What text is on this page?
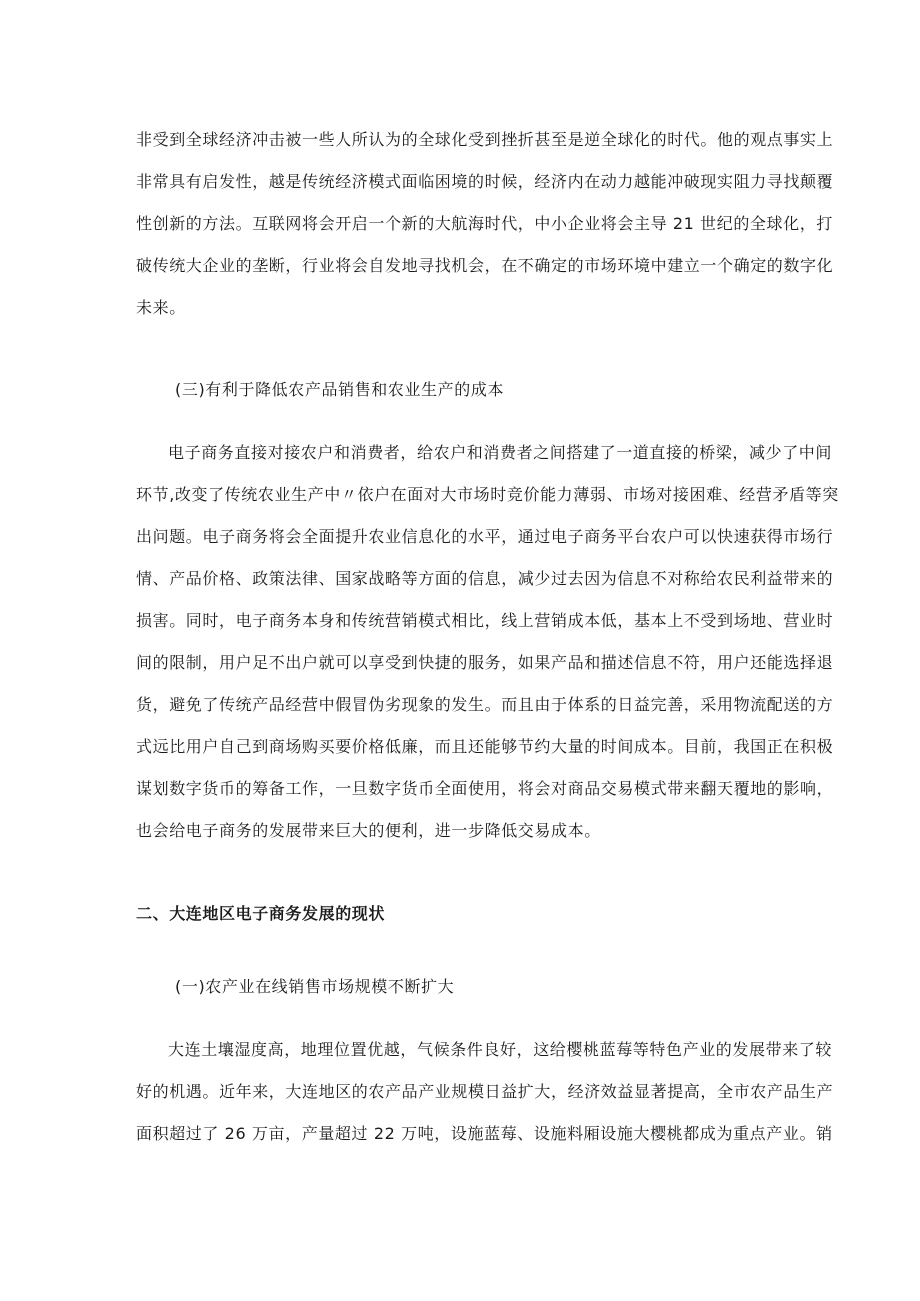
非受到全球经济冲击被一些人所认为的全球化受到挫折甚至是逆全球化的时代。他的观点事实上
非常具有启发性，越是传统经济模式面临困境的时候，经济内在动力越能冲破现实阻力寻找颠覆
性创新的方法。互联网将会开启一个新的大航海时代，中小企业将会主导 21 世纪的全球化，打
破传统大企业的垄断，行业将会自发地寻找机会，在不确定的市场环境中建立一个确定的数字化
未来。
(三)有利于降低农产品销售和农业生产的成本
电子商务直接对接农户和消费者，给农户和消费者之间搭建了一道直接的桥梁，减少了中间
环节,改变了传统农业生产中〃依户在面对大市场时竞价能力薄弱、市场对接困难、经营矛盾等突
出问题。电子商务将会全面提升农业信息化的水平，通过电子商务平台农户可以快速获得市场行
情、产品价格、政策法律、国家战略等方面的信息，减少过去因为信息不对称给农民利益带来的
损害。同时，电子商务本身和传统营销模式相比，线上营销成本低，基本上不受到场地、营业时
间的限制，用户足不出户就可以享受到快捷的服务，如果产品和描述信息不符，用户还能选择退
货，避免了传统产品经营中假冒伪劣现象的发生。而且由于体系的日益完善，采用物流配送的方
式远比用户自己到商场购买要价格低廉，而且还能够节约大量的时间成本。目前，我国正在积极
谋划数字货币的筹备工作，一旦数字货币全面使用，将会对商品交易模式带来翻天覆地的影响，
也会给电子商务的发展带来巨大的便利，进一步降低交易成本。
二、大连地区电子商务发展的现状
(一)农产业在线销售市场规模不断扩大
大连土壤湿度高，地理位置优越，气候条件良好，这给樱桃蓝莓等特色产业的发展带来了较
好的机遇。近年来，大连地区的农产品产业规模日益扩大，经济效益显著提高，全市农产品生产
面积超过了 26 万亩，产量超过 22 万吨，设施蓝莓、设施料厢设施大樱桃都成为重点产业。销
